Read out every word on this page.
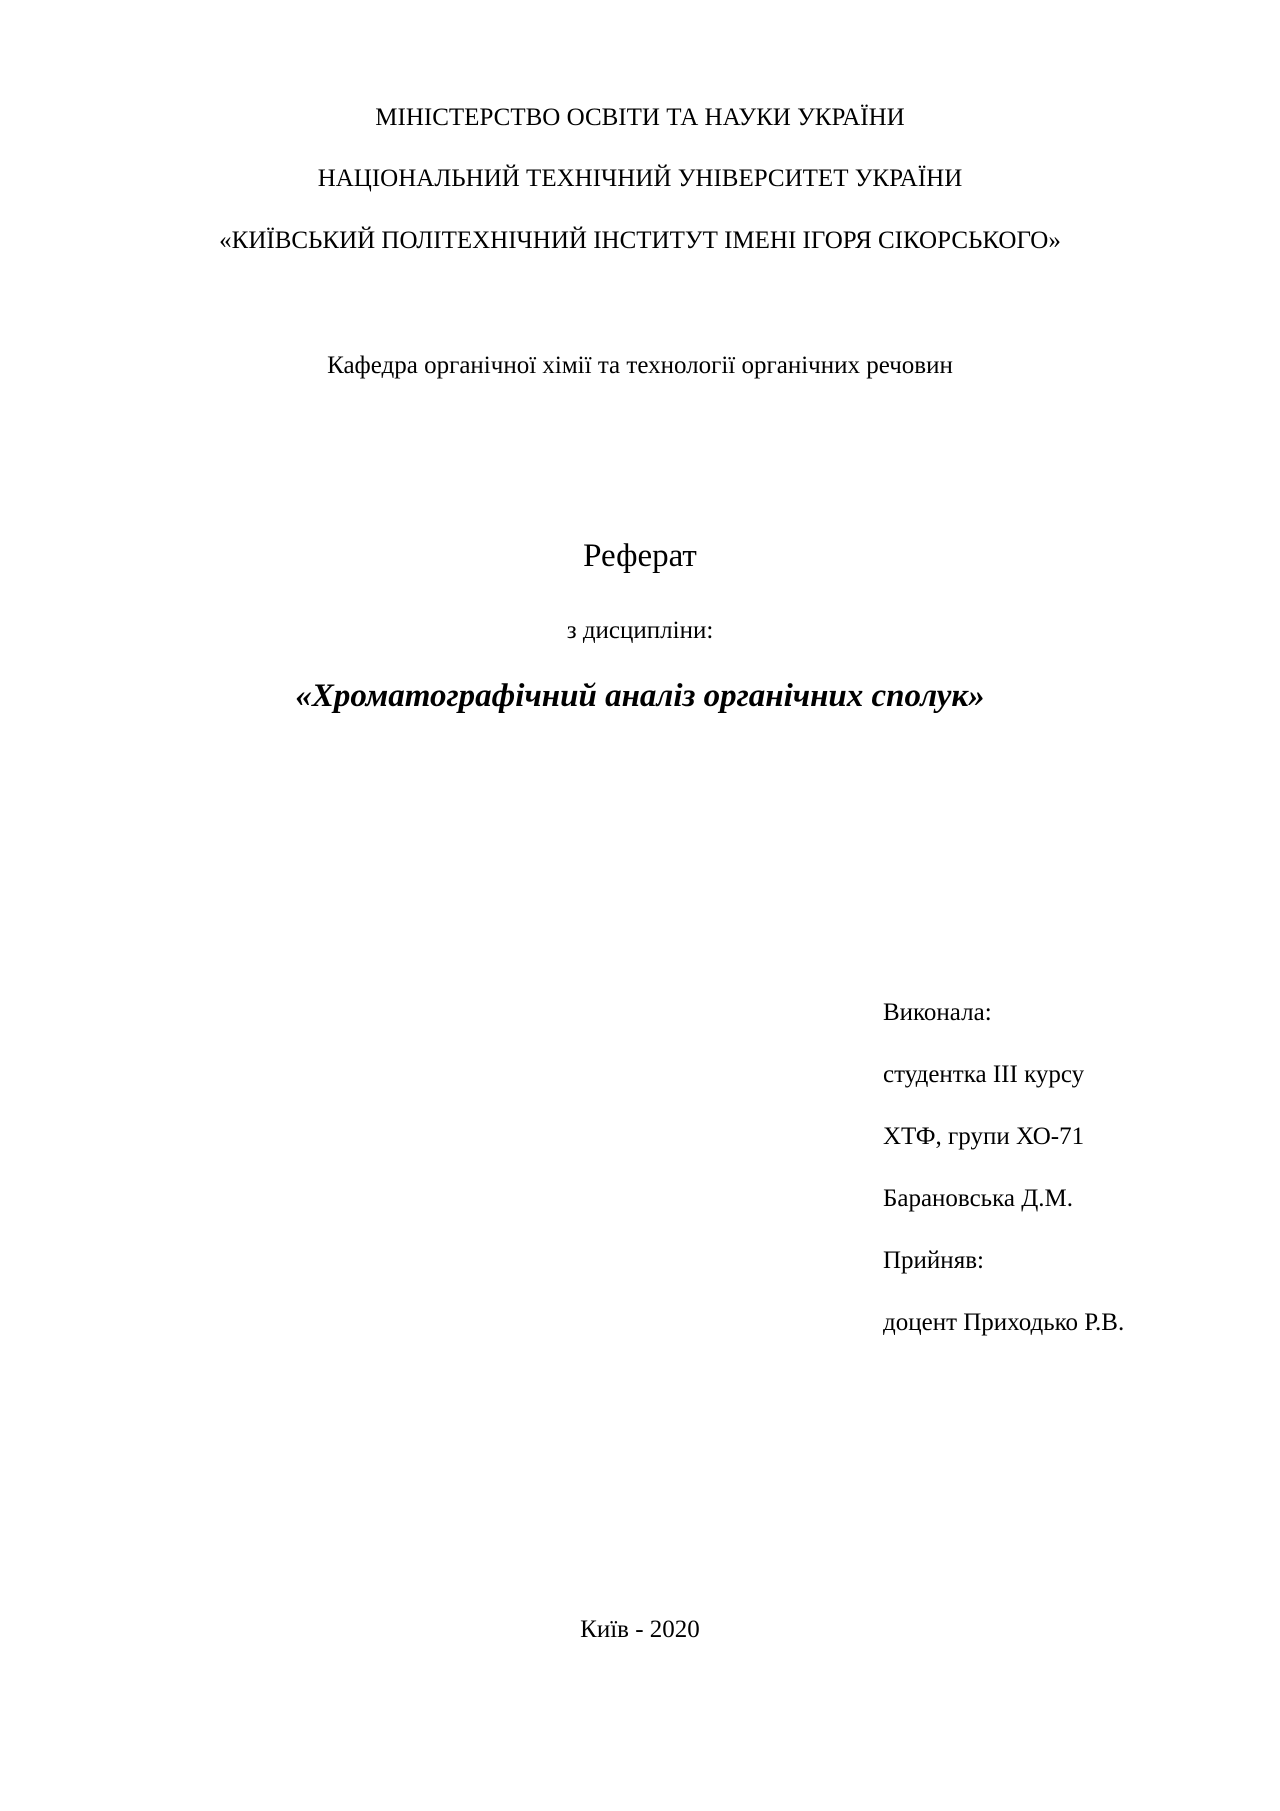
МІНІСТЕРСТВО ОСВІТИ ТА НАУКИ УКРАЇНИ
НАЦІОНАЛЬНИЙ ТЕХНІЧНИЙ УНІВЕРСИТЕТ УКРАЇНИ
«КИЇВСЬКИЙ ПОЛІТЕХНІЧНИЙ ІНСТИТУТ ІМЕНІ ІГОРЯ СІКОРСЬКОГО»
Кафедра органічної хімії та технології органічних речовин
Реферат
з дисципліни:
«Хроматографічний аналіз органічних сполук»
Виконала:
студентка ІІІ курсу
ХТФ, групи ХО-71
Барановська Д.М.
Прийняв:
доцент Приходько Р.В.
Київ - 2020
